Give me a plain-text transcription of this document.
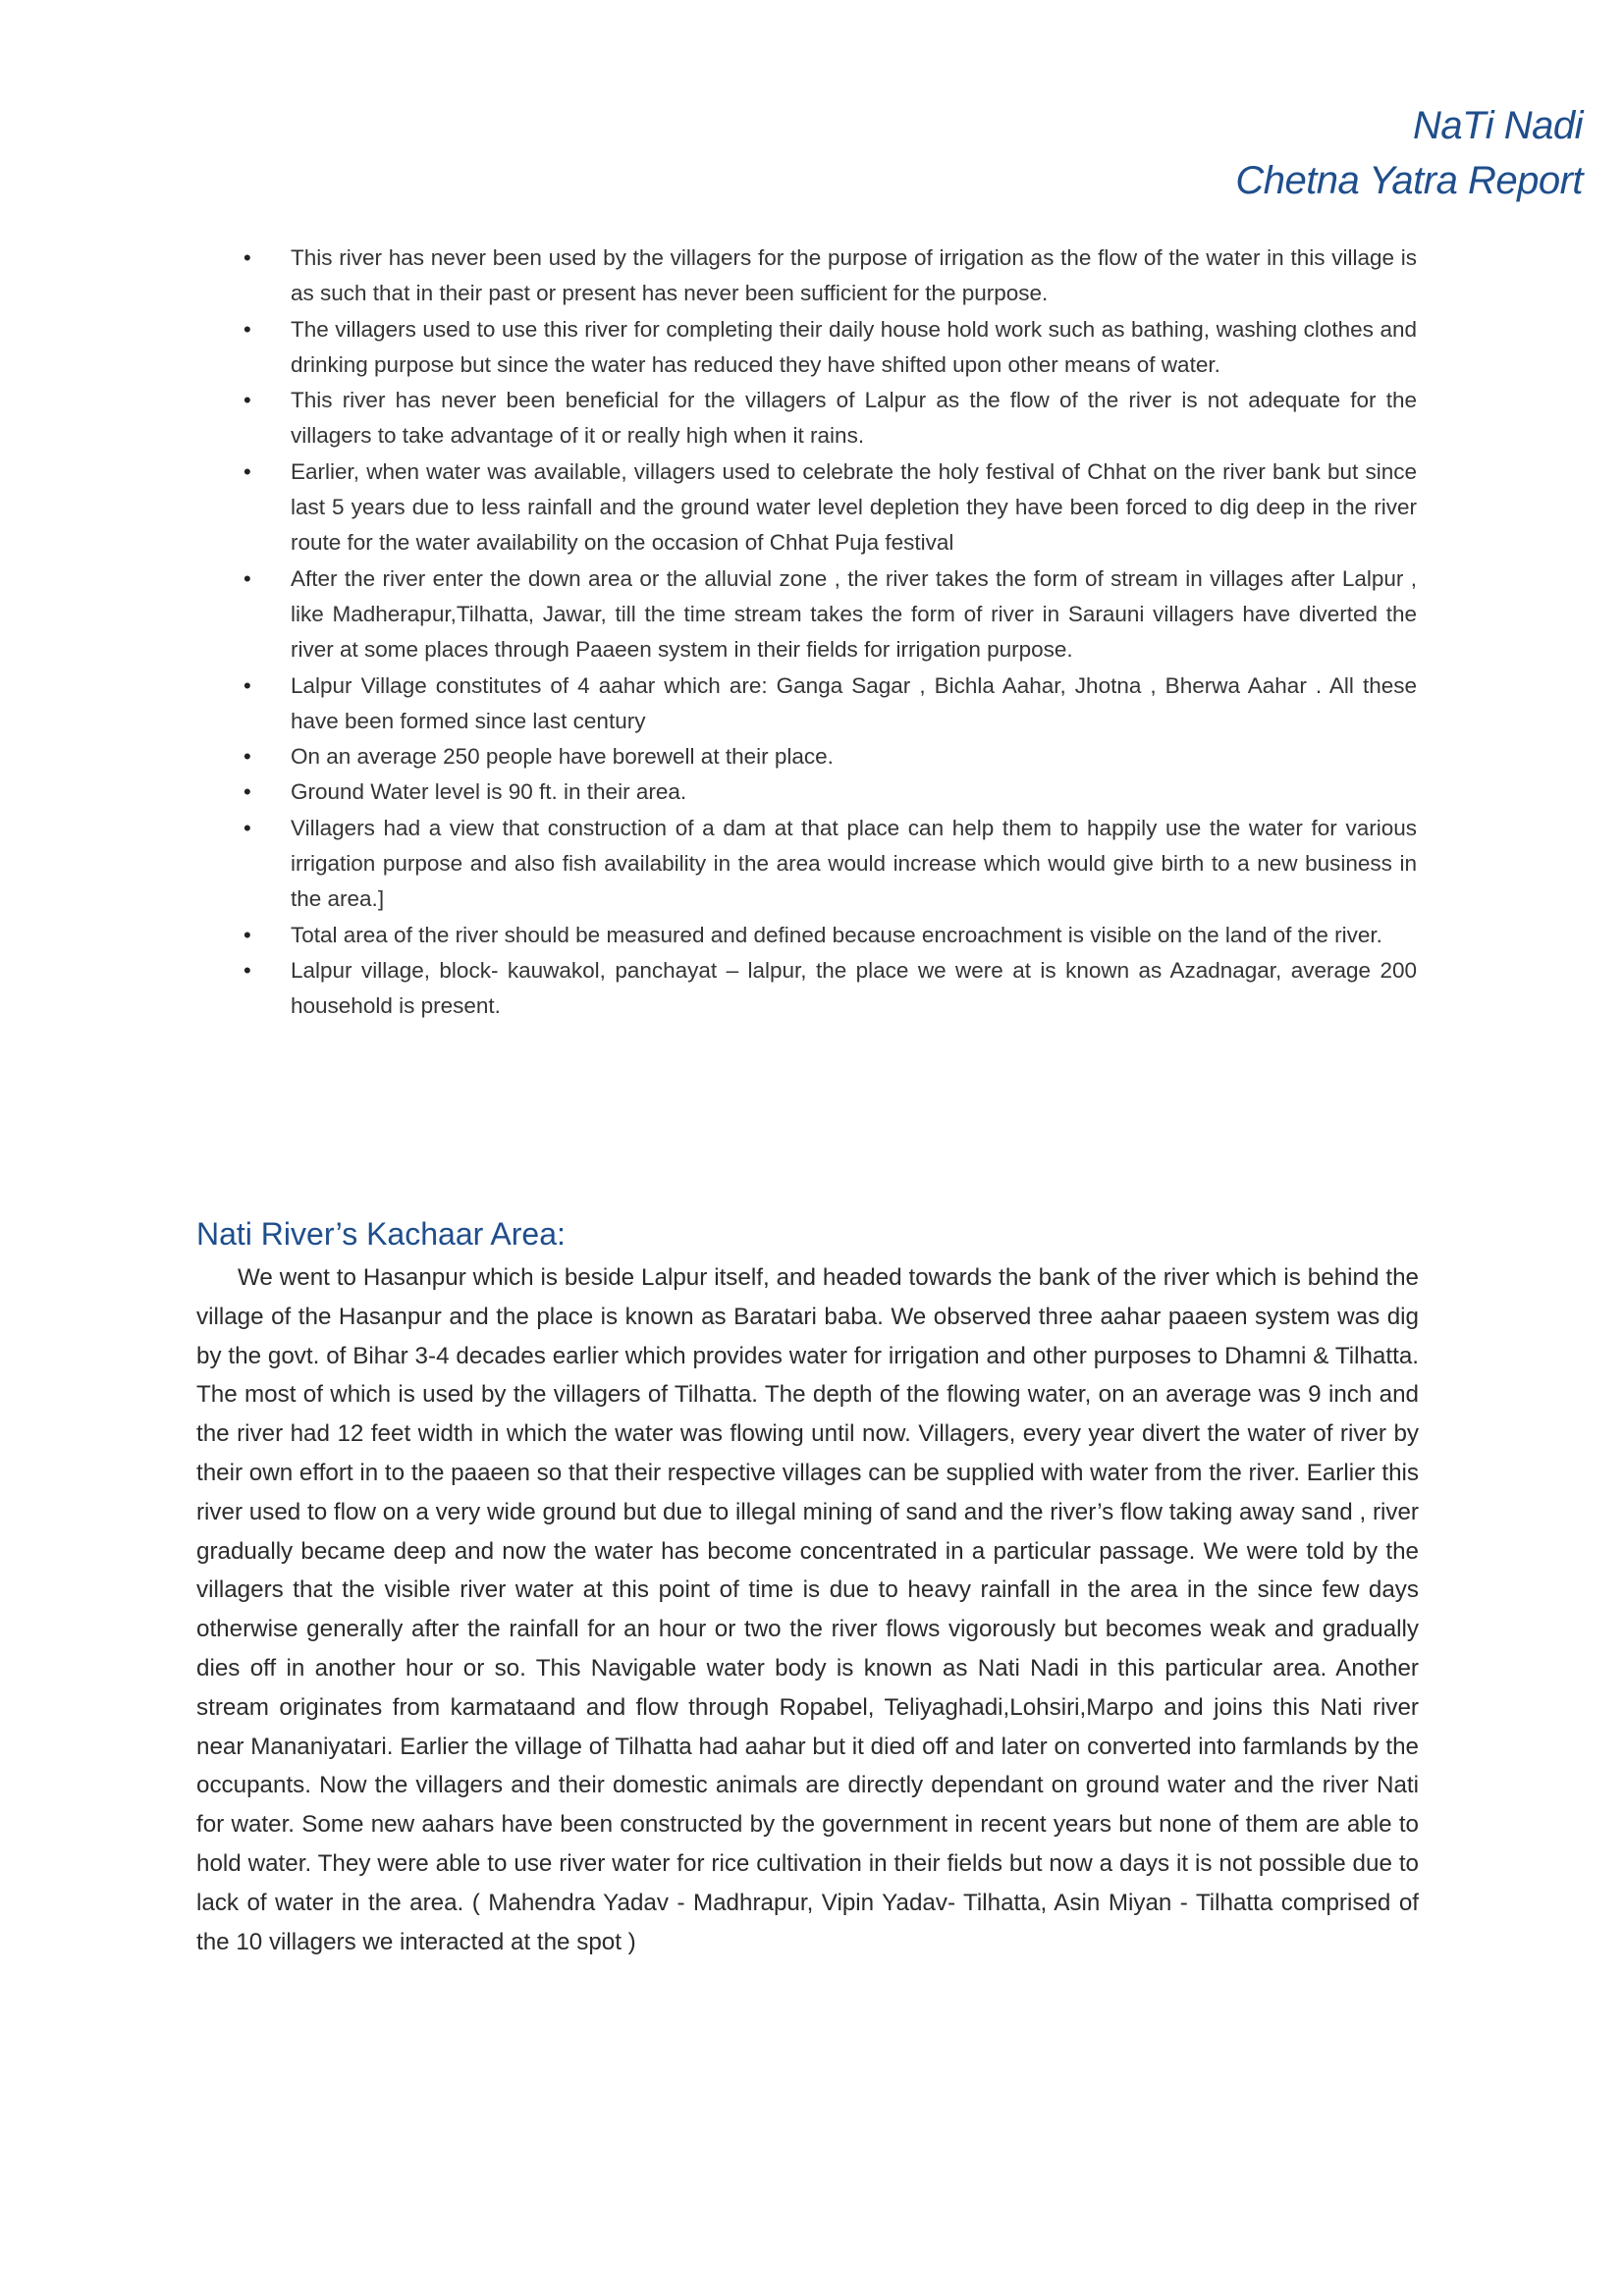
NaTi Nadi
Chetna Yatra Report
•	This river has never been used by the villagers for the purpose of irrigation as the flow of the water in this village is as such that in their past or present has never been sufficient for the purpose.
•	The villagers used to use this river for completing their daily house hold work such as bathing, washing clothes and drinking purpose but since the water has reduced they have shifted upon other means of water.
•	This river has never been beneficial for the villagers of Lalpur as the flow of the river is not adequate for the villagers to take advantage of it or really high when it rains.
•	Earlier, when water was available, villagers used to celebrate the holy festival of Chhat on the river bank but since last 5 years due to less rainfall and the ground water level depletion they have been forced to dig deep in the river route for the water availability on the occasion of Chhat Puja festival
•	After the river enter the down area or the alluvial zone , the river takes the form of stream in villages after Lalpur , like Madherapur,Tilhatta, Jawar, till the time stream takes the form of river in Sarauni villagers have diverted the river at some places through Paaeen system in their fields for irrigation purpose.
•	Lalpur Village constitutes of 4 aahar which are: Ganga Sagar , Bichla Aahar, Jhotna , Bherwa Aahar . All these have been formed since last century
•	On an average 250 people have borewell at their place.
•	Ground Water level is 90 ft. in their area.
•	Villagers had a view that construction of a dam at that place can help them to happily use the water for various irrigation purpose and also fish availability in the area would increase which would give birth to a new business in the area.]
•	Total area of the river should be measured and defined because encroachment is visible on the land of the river.
•	Lalpur village, block- kauwakol, panchayat – lalpur, the place we were at is known as Azadnagar, average 200 household is present.
Nati River’s Kachaar Area:

We went to Hasanpur which is beside Lalpur itself, and headed towards the bank of the river which is behind the village of the Hasanpur and the place is known as Baratari baba. We observed three aahar paaeen system was dig by the govt. of Bihar 3-4 decades earlier which provides water for irrigation and other purposes to Dhamni & Tilhatta. The most of which is used by the villagers of Tilhatta. The depth of the flowing water, on an average was 9 inch and the river had 12 feet width in which the water was flowing until now. Villagers, every year divert the water of river by their own effort in to the paaeen so that their respective villages can be supplied with water from the river. Earlier this river used to flow on a very wide ground but due to illegal mining of sand and the river’s flow taking away sand , river gradually became deep and now the water has become concentrated in a particular passage. We were told by the villagers that the visible river water at this point of time is due to heavy rainfall in the area in the since few days otherwise generally after the rainfall for an hour or two the river flows vigorously but becomes weak and gradually dies off in another hour or so. This Navigable water body is known as Nati Nadi in this particular area. Another stream originates from karmataand and flow through Ropabel, Teliyaghadi,Lohsiri,Marpo and joins this Nati river near Mananiyatari. Earlier the village of Tilhatta had aahar but it died off and later on converted into farmlands by the occupants. Now the villagers and their domestic animals are directly dependant on ground water and the river Nati for water. Some new aahars have been constructed by the government in recent years but none of them are able to hold water. They were able to use river water for rice cultivation in their fields but now a days it is not possible due to lack of water in the area. ( Mahendra Yadav - Madhrapur, Vipin Yadav- Tilhatta, Asin Miyan - Tilhatta comprised of the 10 villagers we interacted at the spot )
